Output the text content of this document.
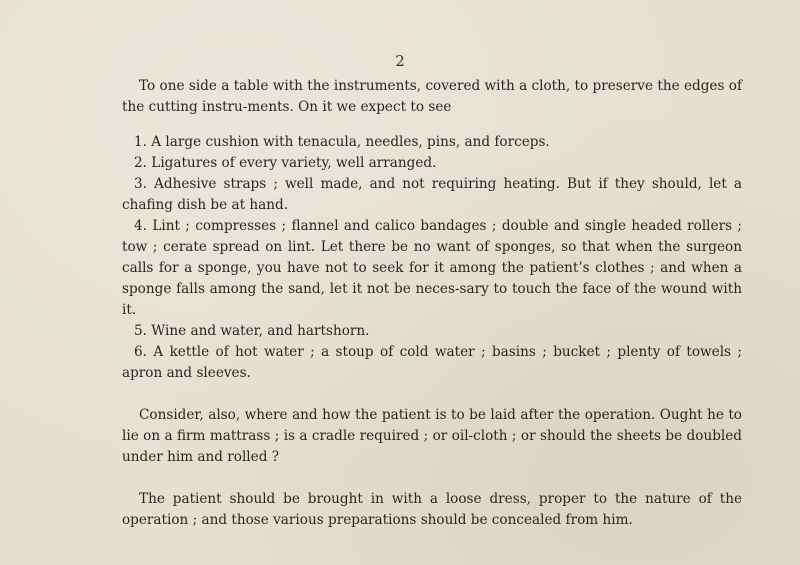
2

To one side a table with the instruments, covered with a cloth, to preserve the edges of the cutting instru-ments. On it we expect to see

1. A large cushion with tenacula, needles, pins, and forceps.

2. Ligatures of every variety, well arranged.

3. Adhesive straps ; well made, and not requiring heating. But if they should, let a chafing dish be at hand.

4. Lint ; compresses ; flannel and calico bandages ; double and single headed rollers ; tow ; cerate spread on lint. Let there be no want of sponges, so that when the surgeon calls for a sponge, you have not to seek for it among the patient’s clothes ; and when a sponge falls among the sand, let it not be neces-sary to touch the face of the wound with it.

5. Wine and water, and hartshorn.

6. A kettle of hot water ; a stoup of cold water ; basins ; bucket ; plenty of towels ; apron and sleeves.

Consider, also, where and how the patient is to be laid after the operation. Ought he to lie on a firm mattrass ; is a cradle required ; or oil-cloth ; or should the sheets be doubled under him and rolled ?

The patient should be brought in with a loose dress, proper to the nature of the operation ; and those various preparations should be concealed from him.
